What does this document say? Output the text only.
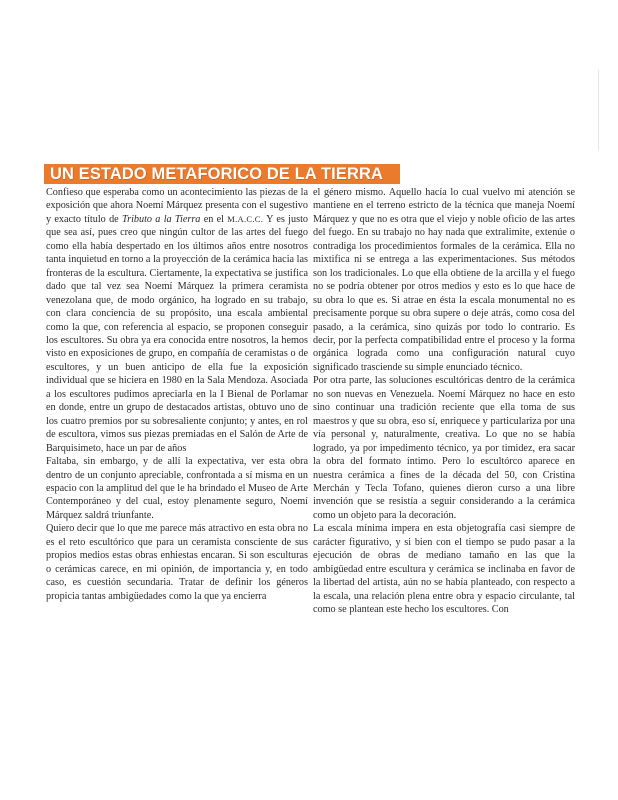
UN ESTADO METAFORICO DE LA TIERRA

Confieso que esperaba como un acontecimiento las piezas de la exposición que ahora Noemí Márquez presenta con el sugestivo y exacto título de Tributo a la Tierra en el M.A.C.C. Y es justo que sea así, pues creo que ningún cultor de las artes del fuego como ella había despertado en los últimos años entre nosotros tanta inquietud en torno a la proyección de la cerámica hacia las fronteras de la escultura. Ciertamente, la expectativa se justifica dado que tal vez sea Noemí Márquez la primera ceramista venezolana que, de modo orgánico, ha logrado en su trabajo, con clara conciencia de su propósito, una escala ambiental como la que, con referencia al espacio, se proponen conseguir los escultores. Su obra ya era conocida entre nosotros, la hemos visto en exposiciones de grupo, en compañía de ceramistas o de escultores, y un buen anticipo de ella fue la exposición individual que se hiciera en 1980 en la Sala Mendoza. Asociada a los escultores pudimos apreciarla en la I Bienal de Porlamar en donde, entre un grupo de destacados artistas, obtuvo uno de los cuatro premios por su sobresaliente conjunto; y antes, en rol de escultora, vimos sus piezas premiadas en el Salón de Arte de Barquisimeto, hace un par de años

Faltaba, sin embargo, y de allí la expectativa, ver esta obra dentro de un conjunto apreciable, confrontada a sí misma en un espacio con la amplitud del que le ha brindado el Museo de Arte Contemporáneo y del cual, estoy plenamente seguro, Noemí Márquez saldrá triunfante.

Quiero decir que lo que me parece más atractivo en esta obra no es el reto escultórico que para un ceramista consciente de sus propios medios estas obras enhiestas encaran. Si son esculturas o cerámicas carece, en mi opinión, de importancia y, en todo caso, es cuestión secundaria. Tratar de definir los géneros propicia tantas ambigüedades como la que ya encierra

el género mismo. Aquello hacía lo cual vuelvo mi atención se mantiene en el terreno estricto de la técnica que maneja Noemí Márquez y que no es otra que el viejo y noble oficio de las artes del fuego. En su trabajo no hay nada que extralimite, extenúe o contradiga los procedimientos formales de la cerámica. Ella no mixtifica ni se entrega a las experimentaciones. Sus métodos son los tradicionales. Lo que ella obtiene de la arcilla y el fuego no se podría obtener por otros medios y esto es lo que hace de su obra lo que es. Si atrae en ésta la escala monumental no es precisamente porque su obra supere o deje atrás, como cosa del pasado, a la cerámica, sino quizás por todo lo contrario. Es decir, por la perfecta compatibilidad entre el proceso y la forma orgánica lograda como una configuración natural cuyo significado trasciende su simple enunciado técnico.

Por otra parte, las soluciones escultóricas dentro de la cerámica no son nuevas en Venezuela. Noemí Márquez no hace en esto sino continuar una tradición reciente que ella toma de sus maestros y que su obra, eso sí, enriquece y particulariza por una vía personal y, naturalmente, creativa. Lo que no se había logrado, ya por impedimento técnico, ya por timidez, era sacar la obra del formato íntimo. Pero lo escultórco aparece en nuestra cerámica a fines de la década del 50, con Cristina Merchán y Tecla Tofano, quienes dieron curso a una libre invención que se resistía a seguir considerando a la cerámica como un objeto para la decoración.

La escala mínima impera en esta objetografía casi siempre de carácter figurativo, y si bien con el tiempo se pudo pasar a la ejecución de obras de mediano tamaño en las que la ambigüedad entre escultura y cerámica se inclinaba en favor de la libertad del artista, aún no se había planteado, con respecto a la escala, una relación plena entre obra y espacio circulante, tal como se plantean este hecho los escultores. Con
